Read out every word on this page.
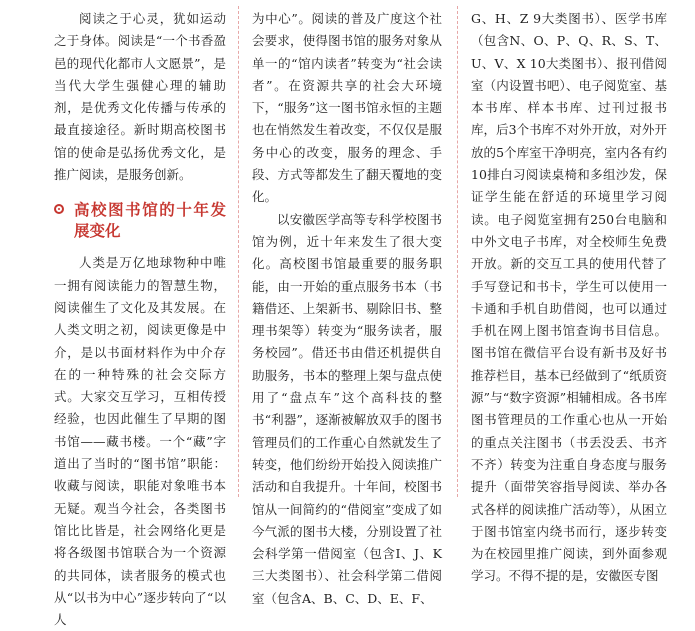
阅读之于心灵，犹如运动之于身体。阅读是“一个书香盈邑的现代化都市人文愿景”，是当代大学生强健心理的辅助剂，是优秀文化传播与传承的最直接途径。新时期高校图书馆的使命是弘扬优秀文化，是推广阅读，是服务创新。

高校图书馆的十年发展变化

人类是万亿地球物种中唯一拥有阅读能力的智慧生物，阅读催生了文化及其发展。在人类文明之初，阅读更像是中介，是以书面材料作为中介存在的一种特殊的社会交际方式。大家交互学习，互相传授经验，也因此催生了早期的图书馆——藏书楼。一个“藏”字道出了当时的“图书馆”职能：收藏与阅读，职能对象唯书本无疑。观当今社会，各类图书馆比比皆是，社会网络化更是将各级图书馆联合为一个资源的共同体，读者服务的模式也从“以书为中心”逐步转向了“以人

为中心”。阅读的普及广度这个社会要求，使得图书馆的服务对象从单一的“馆内读者”转变为“社会读者”。在资源共享的社会大环境下，“服务”这一图书馆永恒的主题也在悄然发生着改变，不仅仅是服务中心的改变，服务的理念、手段、方式等都发生了翻天覆地的变化。

以安徽医学高等专科学校图书馆为例，近十年来发生了很大变化。高校图书馆最重要的服务职能，由一开始的重点服务书本（书籍借还、上架新书、剔除旧书、整理书架等）转变为“服务读者，服务校园”。借还书由借还机提供自助服务，书本的整理上架与盘点使用了“盘点车”这个高科技的整书“利器”，逐渐被解放双手的图书管理员们的工作重心自然就发生了转变，他们纷纷开始投入阅读推广活动和自我提升。十年间，校图书馆从一间简约的“借阅室”变成了如今气派的图书大楼，分别设置了社会科学第一借阅室（包含I、J、K三大类图书）、社会科学第二借阅室（包含A、B、C、D、E、F、

G、H、Z 9大类图书）、医学书库（包含N、O、P、Q、R、S、T、U、V、X 10大类图书）、报刊借阅室（内设置书吧）、电子阅览室、基本书库、样本书库、过刊过报书库，后3个书库不对外开放，对外开放的5个库室干净明亮，室内各有约10排白习阅读桌椅和多组沙发，保证学生能在舒适的环境里学习阅读。电子阅览室拥有250台电脑和中外文电子书库，对全校师生免费开放。新的交互工具的使用代替了手写登记和书卡，学生可以使用一卡通和手机自助借阅，也可以通过手机在网上图书馆查询书目信息。图书馆在微信平台设有新书及好书推荐栏目，基本已经做到了“纸质资源”与“数字资源”相辅相成。各书库图书管理员的工作重心也从一开始的重点关注图书（书丢没丢、书齐不齐）转变为注重自身态度与服务提升（面带笑容指导阅读、举办各式各样的阅读推广活动等），从困立于图书馆室内绕书而行，逐步转变为在校园里推广阅读，到外面参观学习。不得不提的是，安徽医专图
